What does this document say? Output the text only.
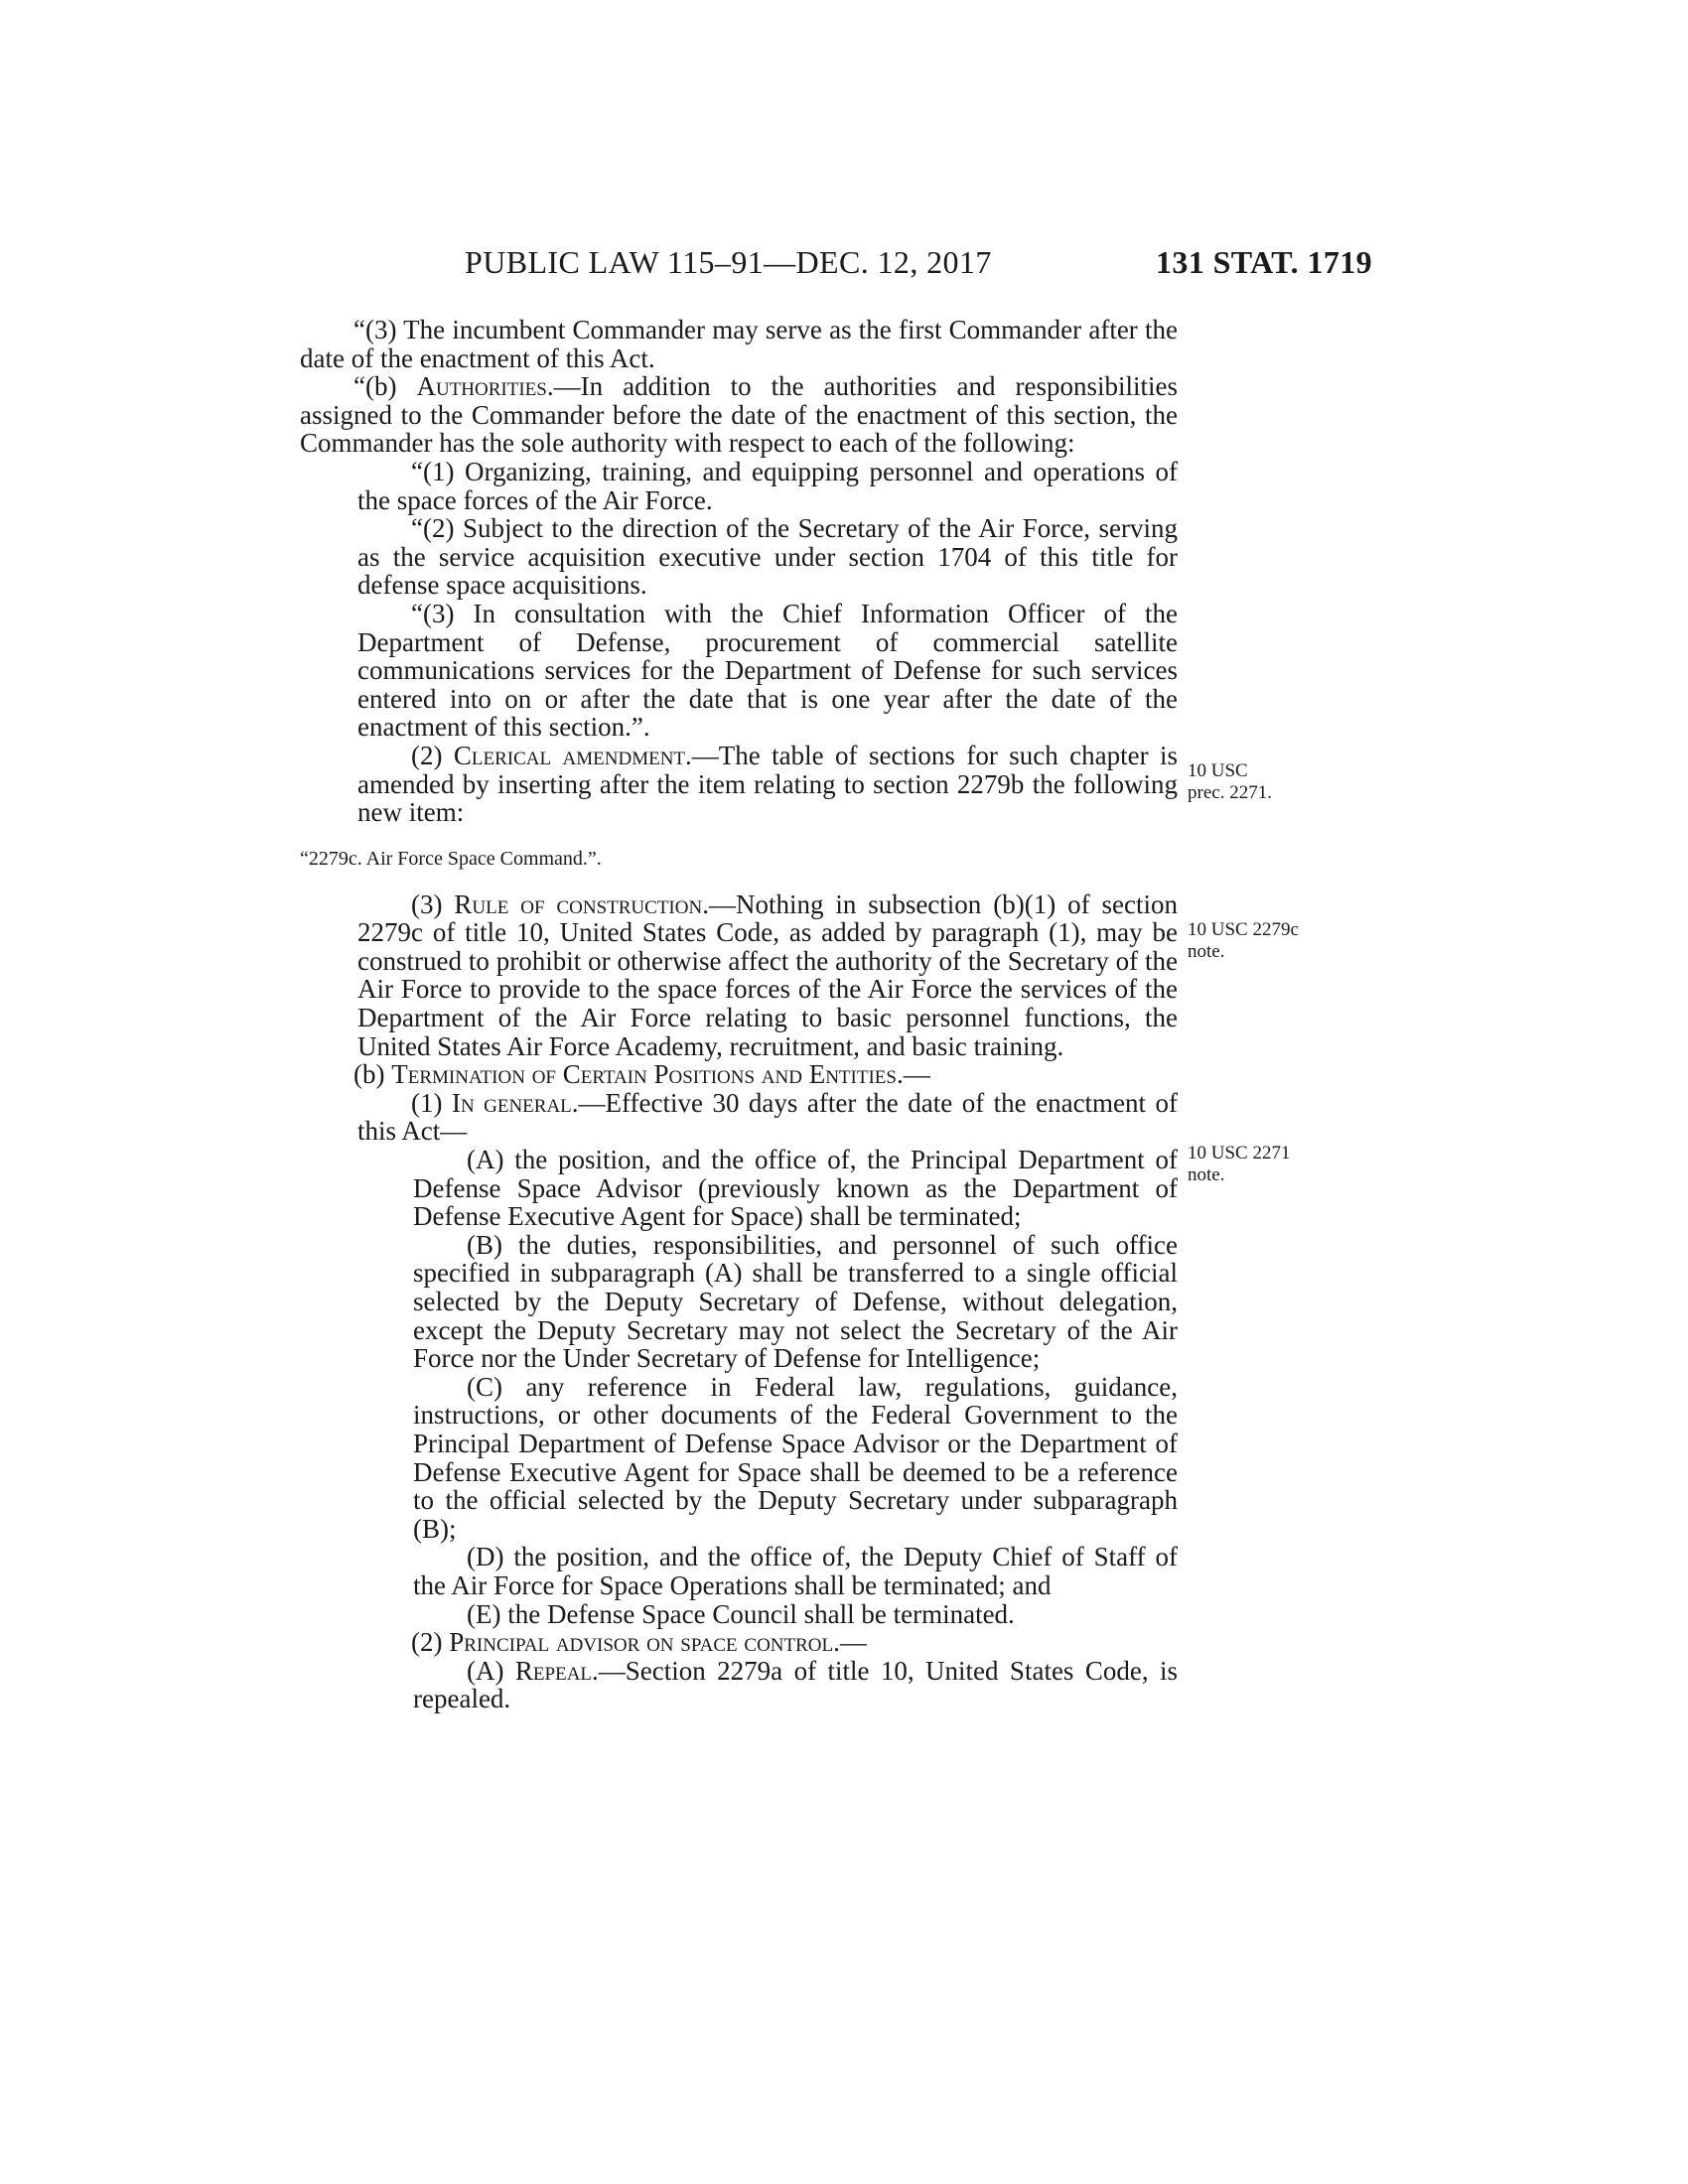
PUBLIC LAW 115–91—DEC. 12, 2017	131 STAT. 1719

“(3) The incumbent Commander may serve as the first Commander after the date of the enactment of this Act.

“(b) Authorities.—In addition to the authorities and responsibilities assigned to the Commander before the date of the enactment of this section, the Commander has the sole authority with respect to each of the following:

“(1) Organizing, training, and equipping personnel and operations of the space forces of the Air Force.

“(2) Subject to the direction of the Secretary of the Air Force, serving as the service acquisition executive under section 1704 of this title for defense space acquisitions.

“(3) In consultation with the Chief Information Officer of the Department of Defense, procurement of commercial satellite communications services for the Department of Defense for such services entered into on or after the date that is one year after the date of the enactment of this section.”.

(2) Clerical amendment.—The table of sections for such chapter is amended by inserting after the item relating to section 2279b the following new item:

“2279c. Air Force Space Command.”.

(3) Rule of construction.—Nothing in subsection (b)(1) of section 2279c of title 10, United States Code, as added by paragraph (1), may be construed to prohibit or otherwise affect the authority of the Secretary of the Air Force to provide to the space forces of the Air Force the services of the Department of the Air Force relating to basic personnel functions, the United States Air Force Academy, recruitment, and basic training.

(b) Termination of Certain Positions and Entities.—

(1) In general.—Effective 30 days after the date of the enactment of this Act—

(A) the position, and the office of, the Principal Department of Defense Space Advisor (previously known as the Department of Defense Executive Agent for Space) shall be terminated;

(B) the duties, responsibilities, and personnel of such office specified in subparagraph (A) shall be transferred to a single official selected by the Deputy Secretary of Defense, without delegation, except the Deputy Secretary may not select the Secretary of the Air Force nor the Under Secretary of Defense for Intelligence;

(C) any reference in Federal law, regulations, guidance, instructions, or other documents of the Federal Government to the Principal Department of Defense Space Advisor or the Department of Defense Executive Agent for Space shall be deemed to be a reference to the official selected by the Deputy Secretary under subparagraph (B);

(D) the position, and the office of, the Deputy Chief of Staff of the Air Force for Space Operations shall be terminated; and

(E) the Defense Space Council shall be terminated.

(2) Principal advisor on space control.—

(A) Repeal.—Section 2279a of title 10, United States Code, is repealed.

10 USC
prec. 2271.
10 USC 2279c
note.
10 USC 2271
note.
